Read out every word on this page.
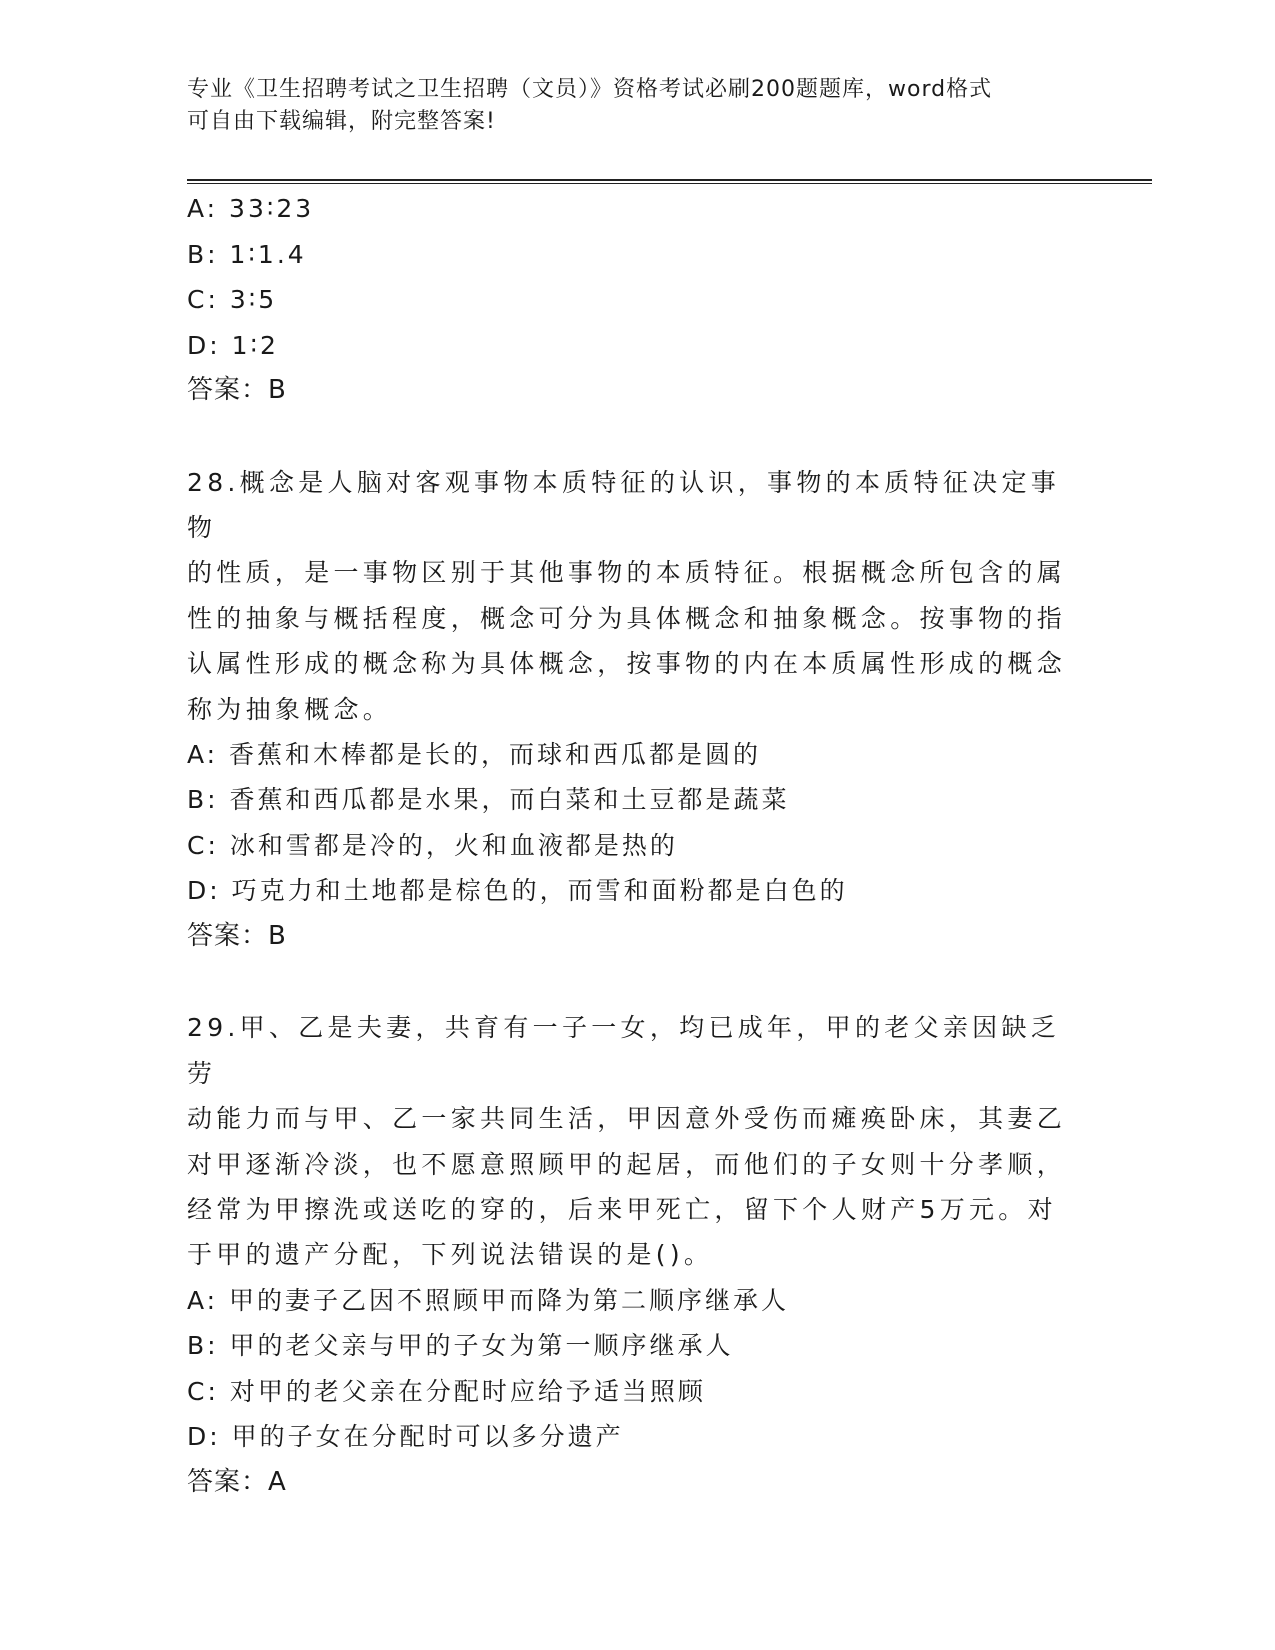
专业《卫生招聘考试之卫生招聘（文员）》资格考试必刷200题题库，word格式
可自由下载编辑，附完整答案!
A: 33∶23
B: 1∶1.4
C: 3∶5
D: 1∶2
答案：B
28.概念是人脑对客观事物本质特征的认识，事物的本质特征决定事物
的性质，是一事物区别于其他事物的本质特征。根据概念所包含的属
性的抽象与概括程度，概念可分为具体概念和抽象概念。按事物的指
认属性形成的概念称为具体概念，按事物的内在本质属性形成的概念
称为抽象概念。
A: 香蕉和木棒都是长的，而球和西瓜都是圆的
B: 香蕉和西瓜都是水果，而白菜和土豆都是蔬菜
C: 冰和雪都是冷的，火和血液都是热的
D: 巧克力和土地都是棕色的，而雪和面粉都是白色的
答案：B
29.甲、乙是夫妻，共育有一子一女，均已成年，甲的老父亲因缺乏劳
动能力而与甲、乙一家共同生活，甲因意外受伤而瘫痪卧床，其妻乙
对甲逐渐冷淡，也不愿意照顾甲的起居，而他们的子女则十分孝顺，
经常为甲擦洗或送吃的穿的，后来甲死亡，留下个人财产5万元。对
于甲的遗产分配，下列说法错误的是()。
A: 甲的妻子乙因不照顾甲而降为第二顺序继承人
B: 甲的老父亲与甲的子女为第一顺序继承人
C: 对甲的老父亲在分配时应给予适当照顾
D: 甲的子女在分配时可以多分遗产
答案：A
